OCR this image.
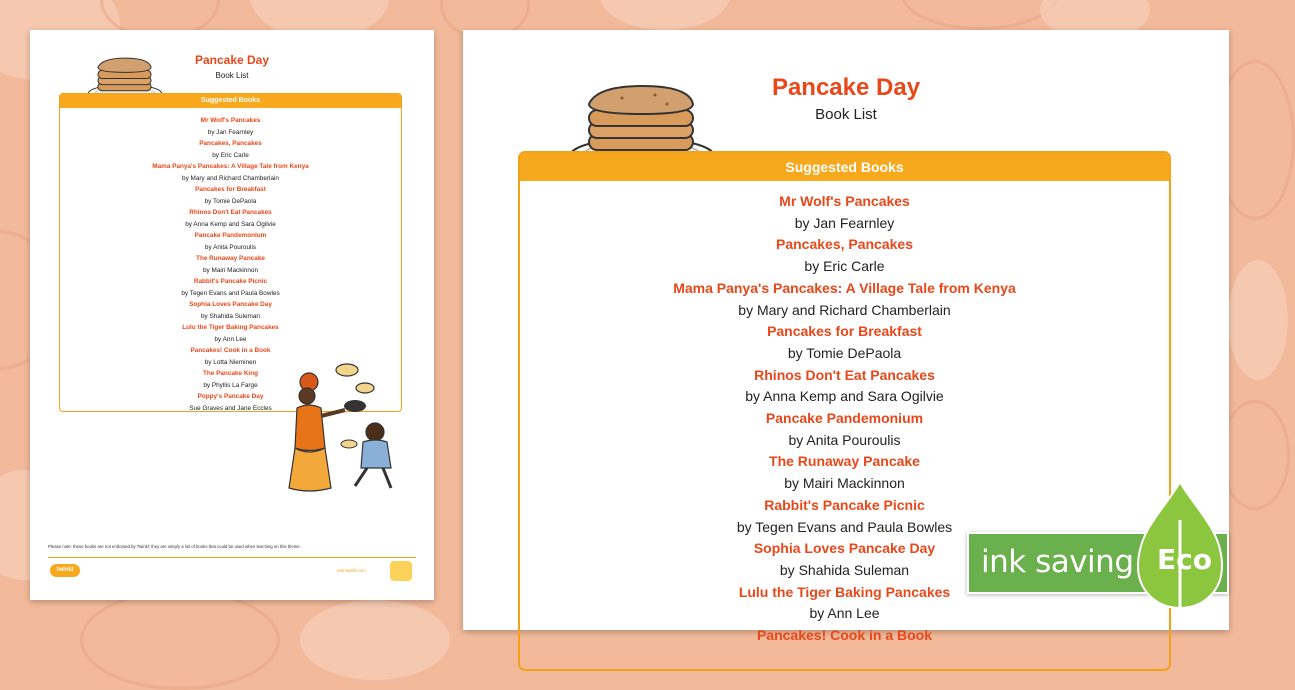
Pancake Day
Book List
Suggested Books
Mr Wolf's Pancakes
by Jan Fearnley
Pancakes, Pancakes
by Eric Carle
Mama Panya's Pancakes: A Village Tale from Kenya
by Mary and Richard Chamberlain
Pancakes for Breakfast
by Tomie DePaola
Rhinos Don't Eat Pancakes
by Anna Kemp and Sara Ogilvie
Pancake Pandemonium
by Anita Pouroulis
The Runaway Pancake
by Mairi Mackinnon
Rabbit's Pancake Picnic
by Tegen Evans and Paula Bowles
Sophia Loves Pancake Day
by Shahida Suleman
Lulu the Tiger Baking Pancakes
by Ann Lee
Pancakes! Cook in a Book
by Lotta Nieminen
The Pancake King
by Phyllis La Farge
Poppy's Pancake Day
Sue Graves and Jane Eccles
Please note: these books are not endorsed by Twinkl; they are simply a list of books that could be used when teaching on this theme.
twinkl	visit twinkl.com
Pancake Day
Book List
Suggested Books
Mr Wolf's Pancakes
by Jan Fearnley
Pancakes, Pancakes
by Eric Carle
Mama Panya's Pancakes: A Village Tale from Kenya
by Mary and Richard Chamberlain
Pancakes for Breakfast
by Tomie DePaola
Rhinos Don't Eat Pancakes
by Anna Kemp and Sara Ogilvie
Pancake Pandemonium
by Anita Pouroulis
The Runaway Pancake
by Mairi Mackinnon
Rabbit's Pancake Picnic
by Tegen Evans and Paula Bowles
Sophia Loves Pancake Day
by Shahida Suleman
Lulu the Tiger Baking Pancakes
by Ann Lee
Pancakes! Cook in a Book
ink saving Eco
